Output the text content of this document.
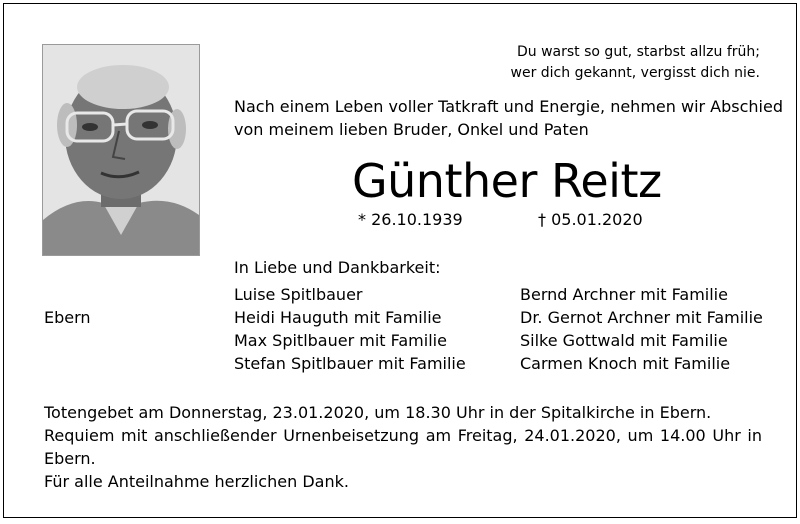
Du warst so gut, starbst allzu früh;
wer dich gekannt, vergisst dich nie.
Nach einem Leben voller Tatkraft und Energie, nehmen wir Abschied
von meinem lieben Bruder, Onkel und Paten
Günther Reitz
* 26.10.1939	† 05.01.2020
In Liebe und Dankbarkeit:
Ebern
Luise Spitlbauer
Heidi Hauguth mit Familie
Max Spitlbauer mit Familie
Stefan Spitlbauer mit Familie
Bernd Archner mit Familie
Dr. Gernot Archner mit Familie
Silke Gottwald mit Familie
Carmen Knoch mit Familie

Totengebet am Donnerstag, 23.01.2020, um 18.30 Uhr in der Spitalkirche in Ebern.

Requiem mit anschließender Urnenbeisetzung am Freitag, 24.01.2020, um 14.00 Uhr in Ebern.

Für alle Anteilnahme herzlichen Dank.
